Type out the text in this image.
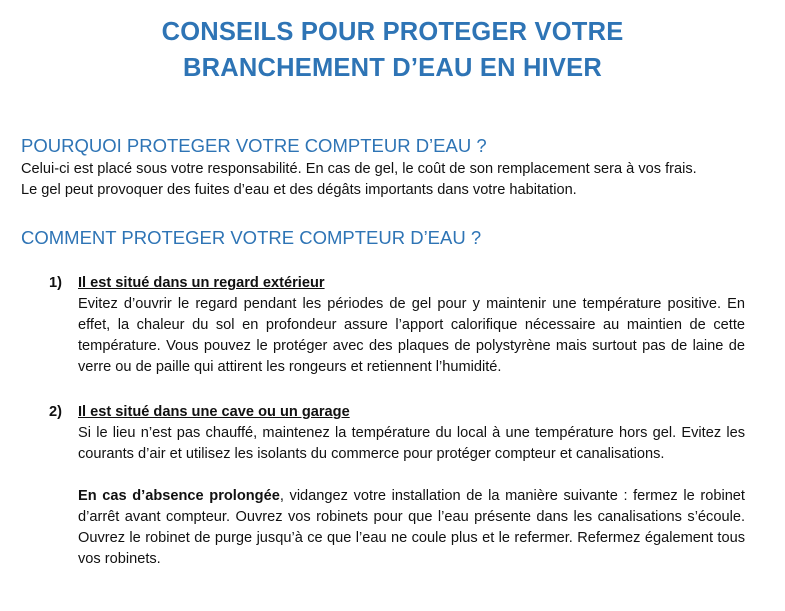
CONSEILS POUR PROTEGER VOTRE
BRANCHEMENT D’EAU EN HIVER
POURQUOI PROTEGER VOTRE COMPTEUR D’EAU ?
Celui-ci est placé sous votre responsabilité. En cas de gel, le coût de son remplacement sera à vos frais.
Le gel peut provoquer des fuites d’eau et des dégâts importants dans votre habitation.
COMMENT PROTEGER VOTRE COMPTEUR D’EAU ?
1) Il est situé dans un regard extérieur

Evitez d’ouvrir le regard pendant les périodes de gel pour y maintenir une température positive. En effet, la chaleur du sol en profondeur assure l’apport calorifique nécessaire au maintien de cette température. Vous pouvez le protéger avec des plaques de polystyrène mais surtout pas de laine de verre ou de paille qui attirent les rongeurs et retiennent l’humidité.

2) Il est situé dans une cave ou un garage

Si le lieu n’est pas chauffé, maintenez la température du local à une température hors gel. Evitez les courants d’air et utilisez les isolants du commerce pour protéger compteur et canalisations.

En cas d’absence prolongée, vidangez votre installation de la manière suivante : fermez le robinet d’arrêt avant compteur. Ouvrez vos robinets pour que l’eau présente dans les canalisations s’écoule. Ouvrez le robinet de purge jusqu’à ce que l’eau ne coule plus et le refermer. Refermez également tous vos robinets.
